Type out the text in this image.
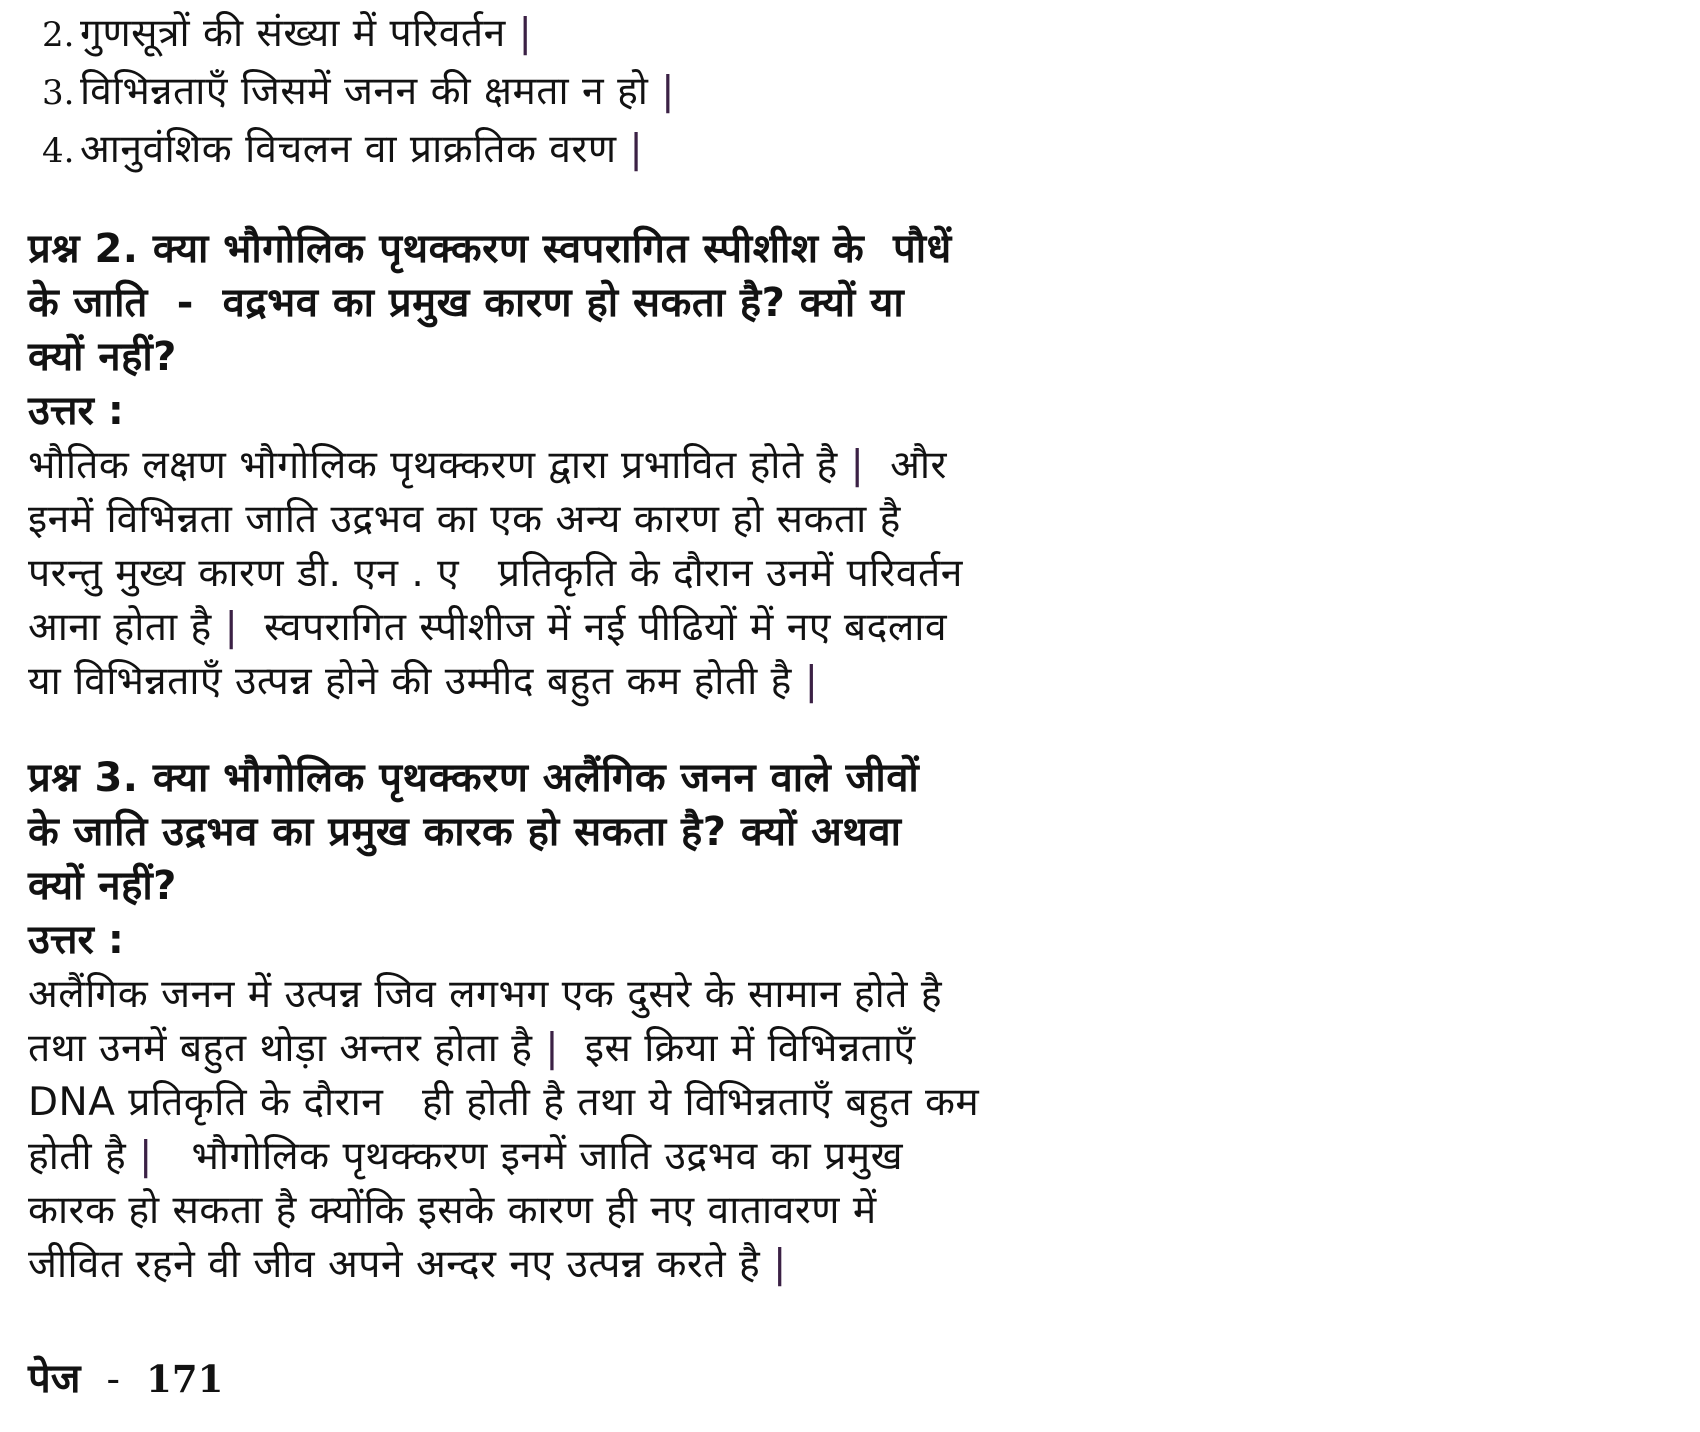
2. गुणसूत्रों की संख्या में परिवर्तन |
3. विभिन्नताएँ जिसमें जनन की क्षमता न हो |
4. आनुवंशिक विचलन वा प्राक्रतिक वरण |
प्रश्न 2. क्या भौगोलिक पृथक्करण स्वपरागित स्पीशीश के  पौधें
के जाति  -  वद्रभव का प्रमुख कारण हो सकता है? क्यों या
क्यों नहीं?
उत्तर :
भौतिक लक्षण भौगोलिक पृथक्करण द्वारा प्रभावित होते है |  और
इनमें विभिन्नता जाति उद्रभव का एक अन्य कारण हो सकता है
परन्तु मुख्य कारण डी. एन . ए   प्रतिकृति के दौरान उनमें परिवर्तन
आना होता है |  स्वपरागित स्पीशीज में नई पीढियों में नए बदलाव
या विभिन्नताएँ उत्पन्न होने की उम्मीद बहुत कम होती है |
प्रश्न 3. क्या भौगोलिक पृथक्करण अलैंगिक जनन वाले जीवों
के जाति उद्रभव का प्रमुख कारक हो सकता है? क्यों अथवा
क्यों नहीं?
उत्तर :
अलैंगिक जनन में उत्पन्न जिव लगभग एक दुसरे के सामान होते है
तथा उनमें बहुत थोड़ा अन्तर होता है |  इस क्रिया में विभिन्नताएँ
DNA प्रतिकृति के दौरान   ही होती है तथा ये विभिन्नताएँ बहुत कम
होती है |   भौगोलिक पृथक्करण इनमें जाति उद्रभव का प्रमुख
कारक हो सकता है क्योंकि इसके कारण ही नए वातावरण में
जीवित रहने वी जीव अपने अन्दर नए उत्पन्न करते है |
पेज - 171
